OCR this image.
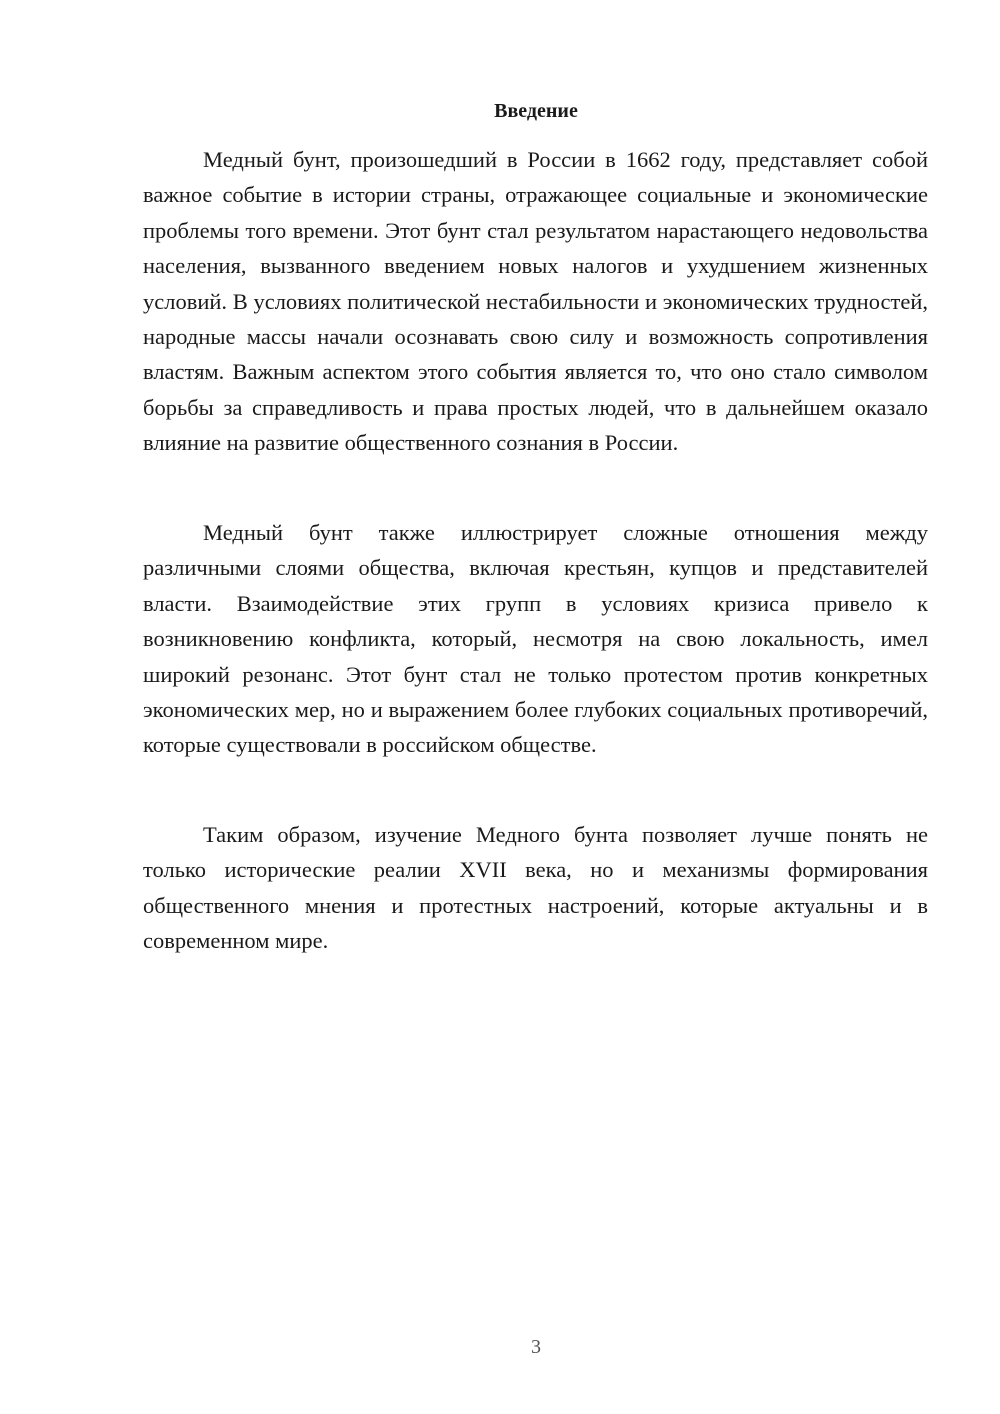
Введение

Медный бунт, произошедший в России в 1662 году, представляет собой важное событие в истории страны, отражающее социальные и экономические проблемы того времени. Этот бунт стал результатом нарастающего недовольства населения, вызванного введением новых налогов и ухудшением жизненных условий. В условиях политической нестабильности и экономических трудностей, народные массы начали осознавать свою силу и возможность сопротивления властям. Важным аспектом этого события является то, что оно стало символом борьбы за справедливость и права простых людей, что в дальнейшем оказало влияние на развитие общественного сознания в России.

Медный бунт также иллюстрирует сложные отношения между различными слоями общества, включая крестьян, купцов и представителей власти. Взаимодействие этих групп в условиях кризиса привело к возникновению конфликта, который, несмотря на свою локальность, имел широкий резонанс. Этот бунт стал не только протестом против конкретных экономических мер, но и выражением более глубоких социальных противоречий, которые существовали в российском обществе.

Таким образом, изучение Медного бунта позволяет лучше понять не только исторические реалии XVII века, но и механизмы формирования общественного мнения и протестных настроений, которые актуальны и в современном мире.

3
